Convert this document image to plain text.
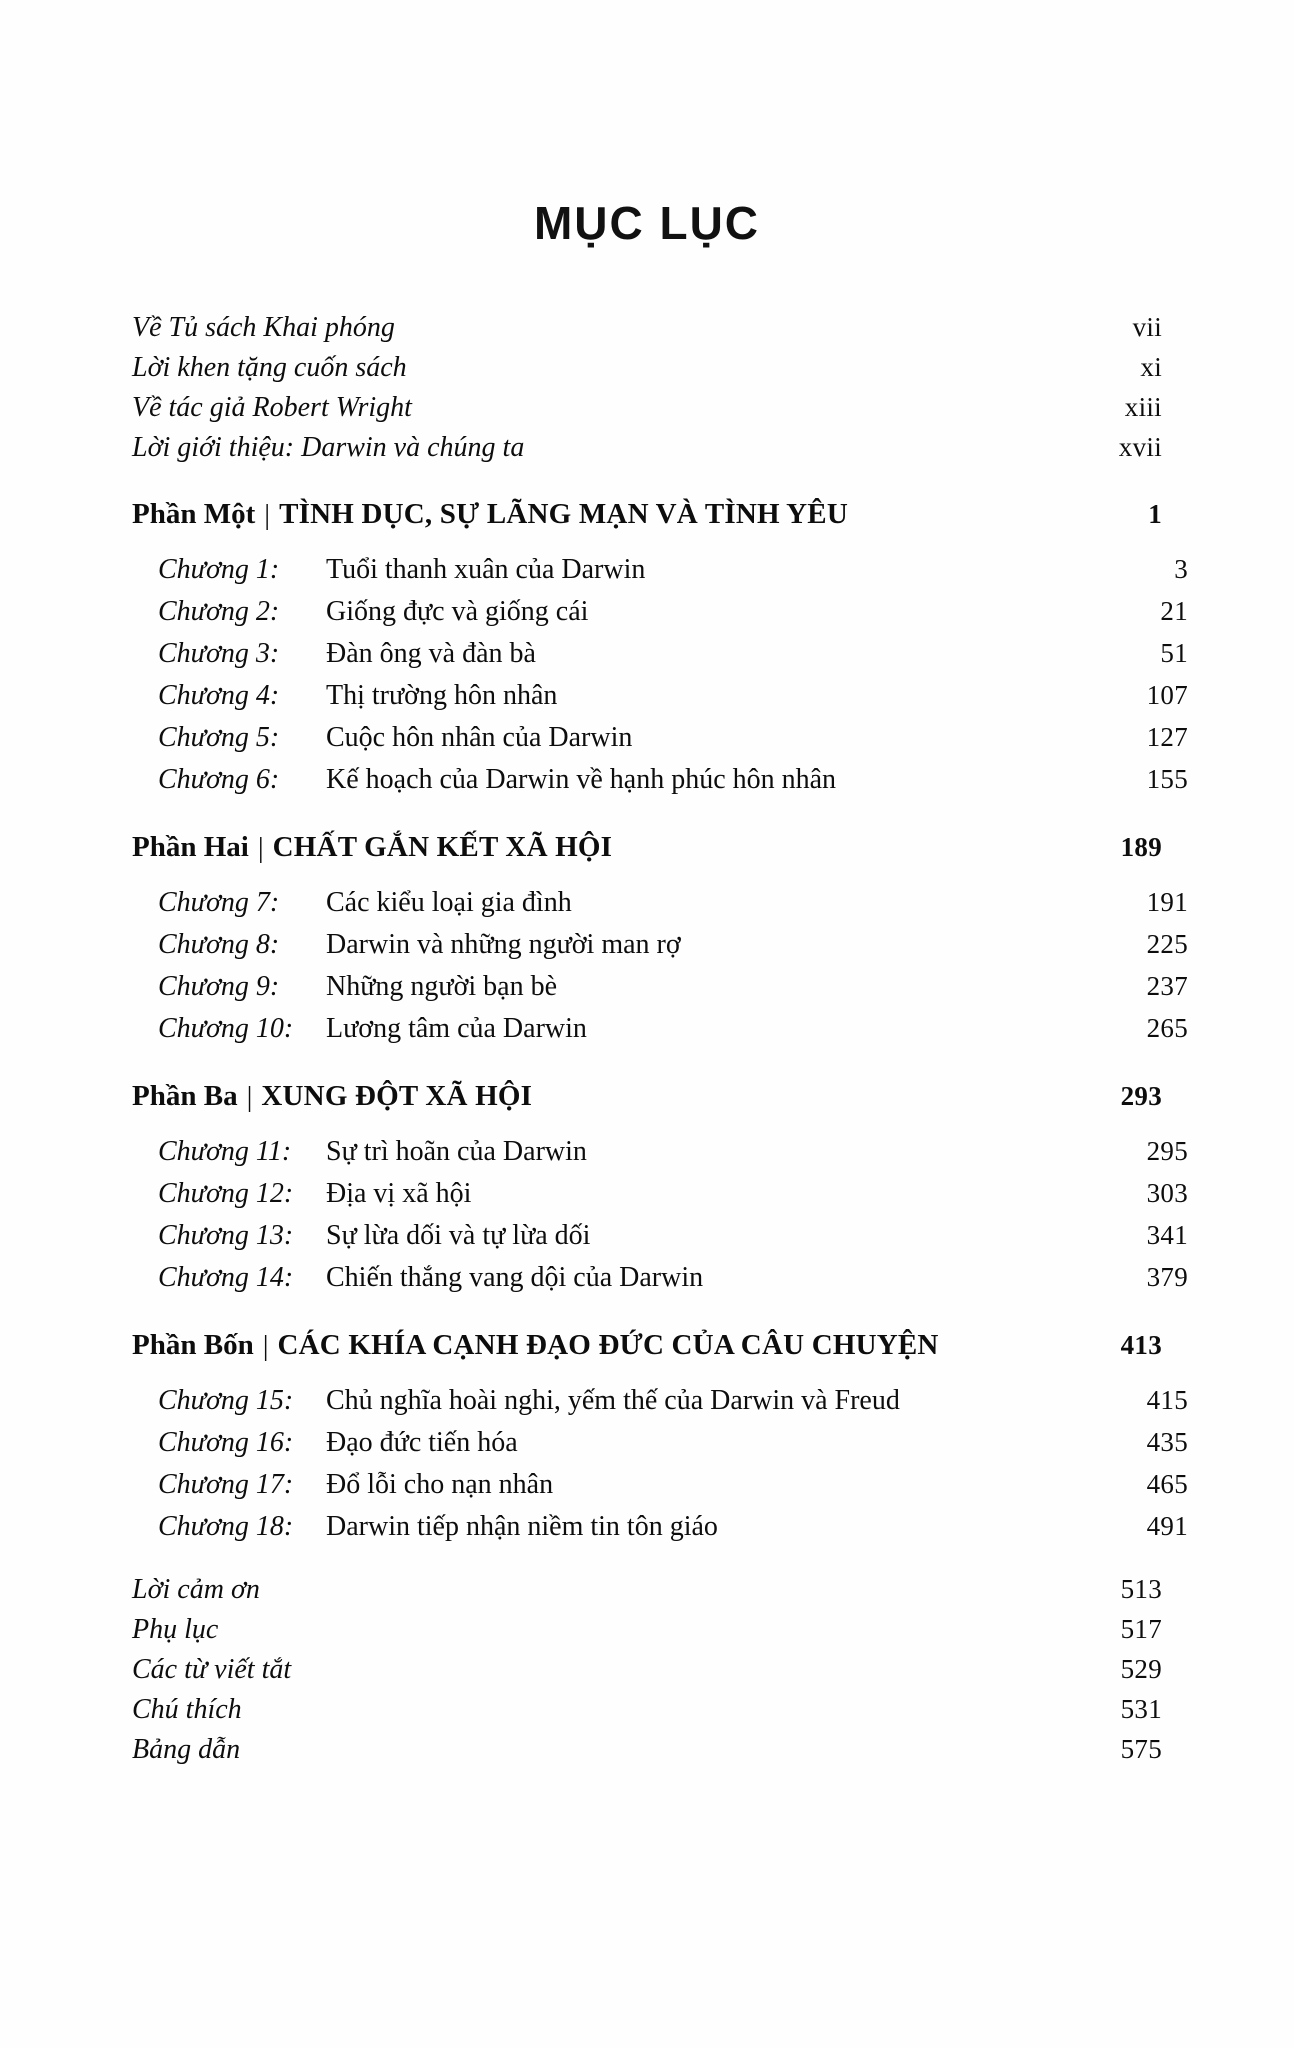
MỤC LỤC
Về Tủ sách Khai phóng	vii
Lời khen tặng cuốn sách	xi
Về tác giả Robert Wright	xiii
Lời giới thiệu: Darwin và chúng ta	xvii
Phần Một | TÌNH DỤC, SỰ LÃNG MẠN VÀ TÌNH YÊU	1
Chương 1:	Tuổi thanh xuân của Darwin	3
Chương 2:	Giống đực và giống cái	21
Chương 3:	Đàn ông và đàn bà	51
Chương 4:	Thị trường hôn nhân	107
Chương 5:	Cuộc hôn nhân của Darwin	127
Chương 6:	Kế hoạch của Darwin về hạnh phúc hôn nhân	155
Phần Hai | CHẤT GẮN KẾT XÃ HỘI	189
Chương 7:	Các kiểu loại gia đình	191
Chương 8:	Darwin và những người man rợ	225
Chương 9:	Những người bạn bè	237
Chương 10:	Lương tâm của Darwin	265
Phần Ba | XUNG ĐỘT XÃ HỘI	293
Chương 11:	Sự trì hoãn của Darwin	295
Chương 12:	Địa vị xã hội	303
Chương 13:	Sự lừa dối và tự lừa dối	341
Chương 14:	Chiến thắng vang dội của Darwin	379
Phần Bốn | CÁC KHÍA CẠNH ĐẠO ĐỨC CỦA CÂU CHUYỆN	413
Chương 15:	Chủ nghĩa hoài nghi, yếm thế của Darwin và Freud	415
Chương 16:	Đạo đức tiến hóa	435
Chương 17:	Đổ lỗi cho nạn nhân	465
Chương 18:	Darwin tiếp nhận niềm tin tôn giáo	491
Lời cảm ơn	513
Phụ lục	517
Các từ viết tắt	529
Chú thích	531
Bảng dẫn	575
